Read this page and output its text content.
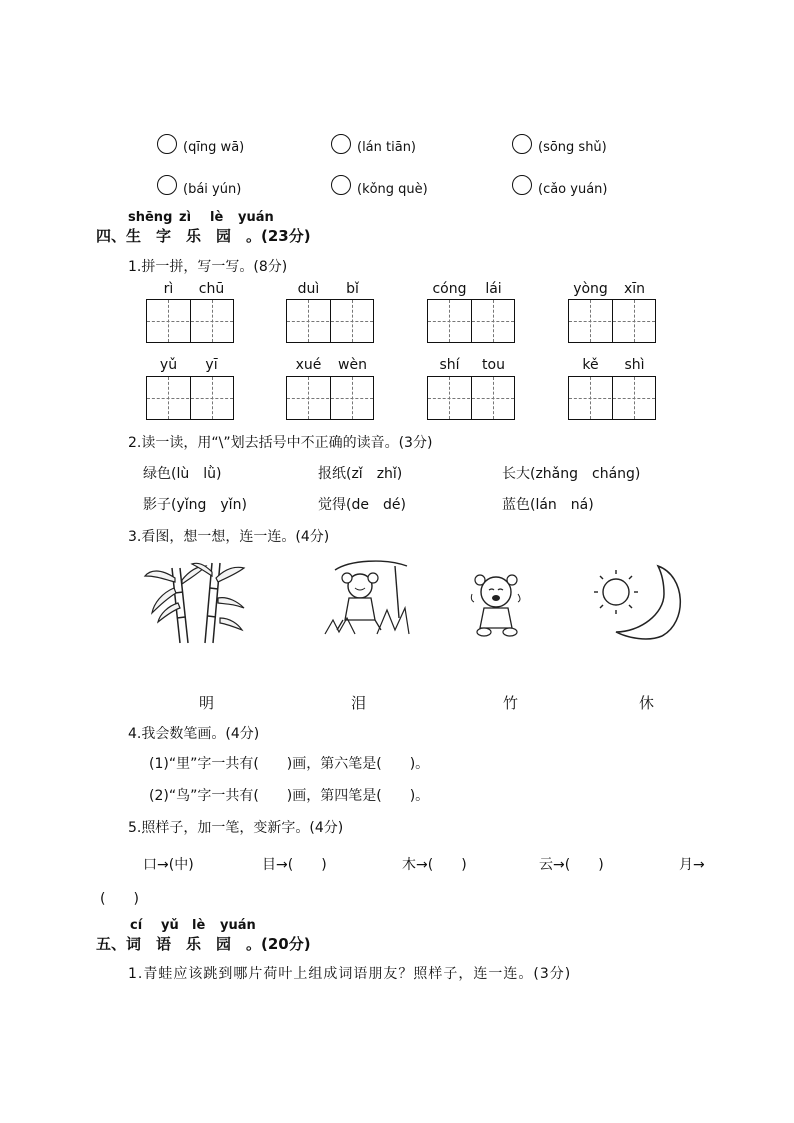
(qīng wā)	(lán tiān)	(sōng shǔ)
(bái yún)	(kǒng què)	(cǎo yuán)
shēng zì lè yuán
四、生　字　乐　园　。(23分)
1.拼一拼，写一写。(8分)
rì	chū	duì	bǐ	cóng	lái	yòng	xīn
yǔ	yī	xué	wèn	shí	tou	kě	shì
2.读一读，用“\”划去括号中不正确的读音。(3分)
绿色(lù　lǜ)	报纸(zǐ　zhǐ)	长大(zhǎng　cháng)
影子(yǐng　yǐn)	觉得(de　dé)	蓝色(lán　ná)
3.看图，想一想，连一连。(4分)
明	泪	竹	休
4.我会数笔画。(4分)
(1)“里”字一共有(　　)画，第六笔是(　　)。
(2)“鸟”字一共有(　　)画，第四笔是(　　)。
5.照样子，加一笔，变新字。(4分)
口→(中)	目→(　　)	木→(　　)	云→(　　)	月→
(　　)
cí yǔ lè yuán
五、词　语　乐　园　。(20分)
1.青蛙应该跳到哪片荷叶上组成词语朋友？照样子，连一连。(3分)
